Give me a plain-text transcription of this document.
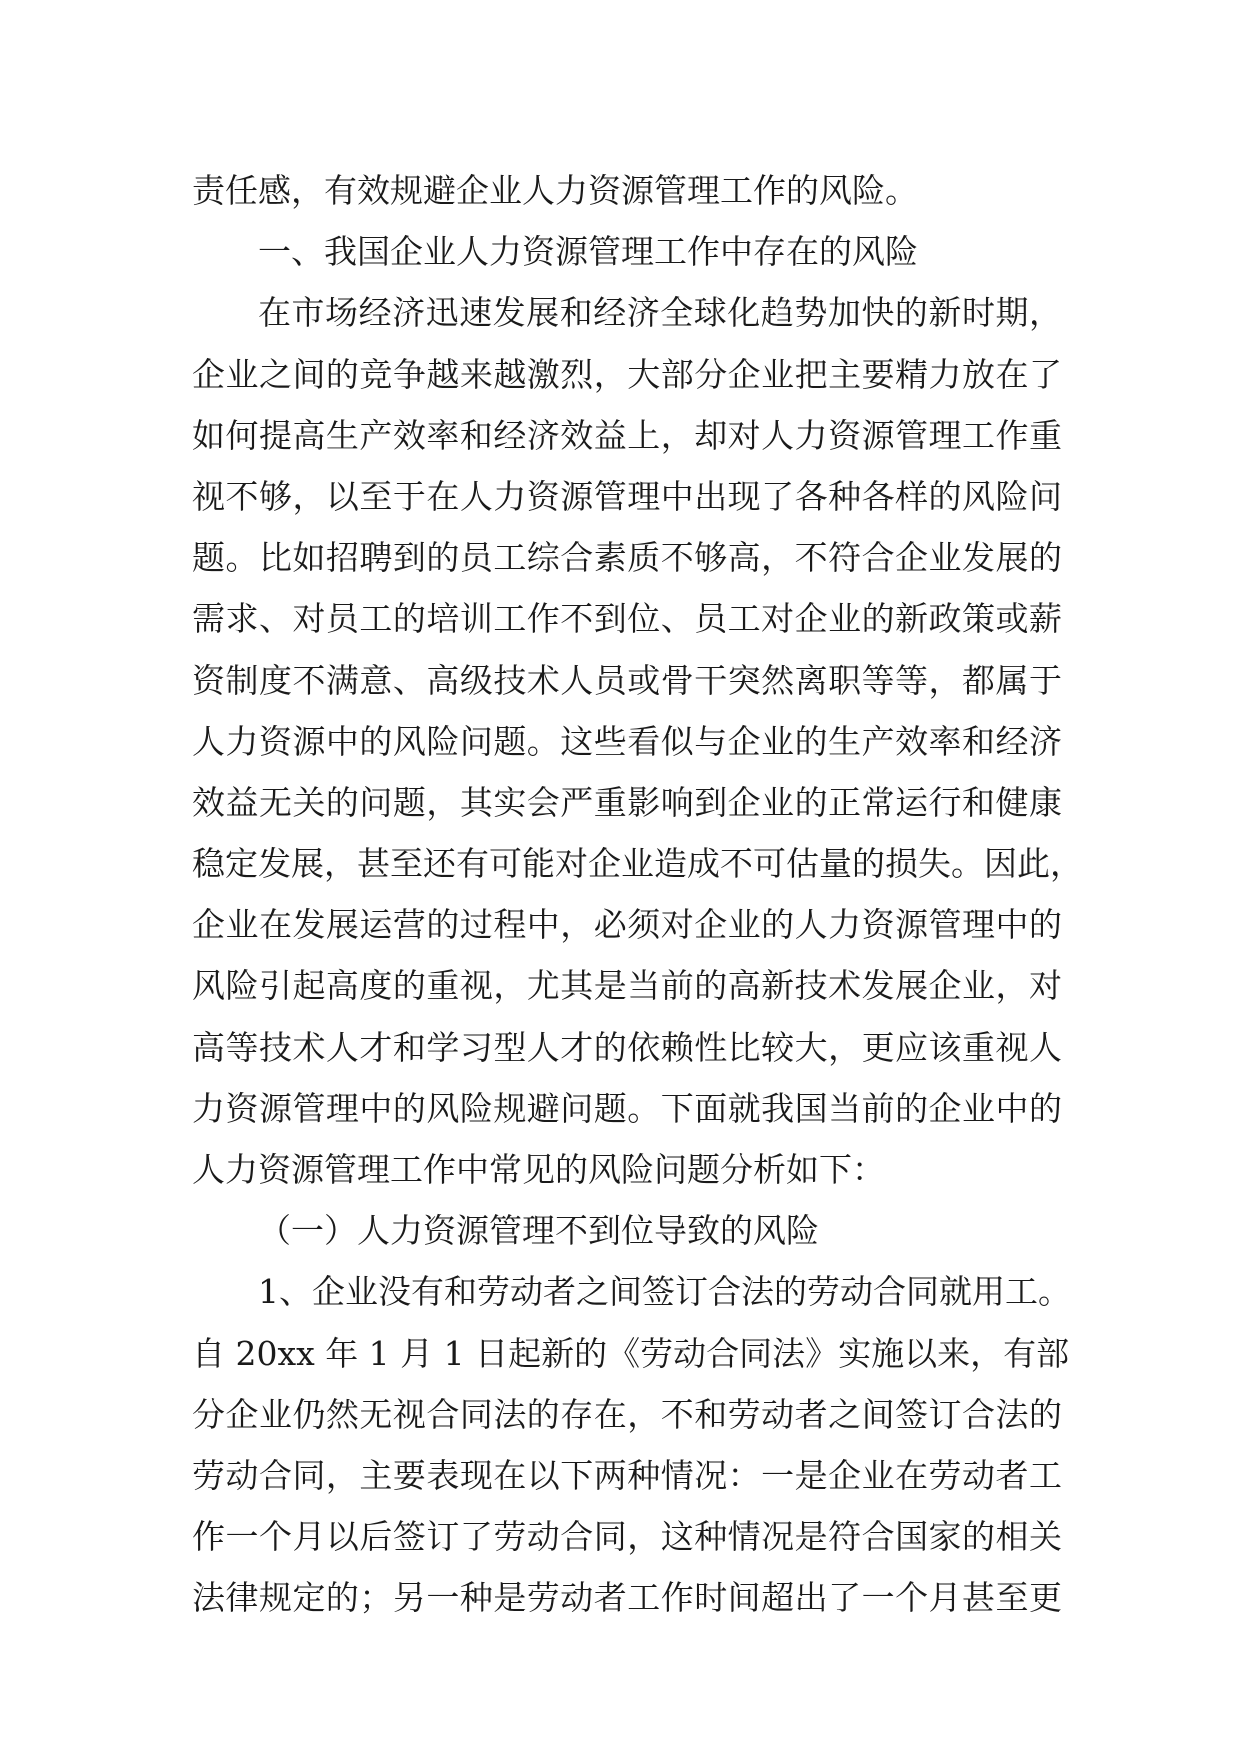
责任感，有效规避企业人力资源管理工作的风险。
一、我国企业人力资源管理工作中存在的风险
在市场经济迅速发展和经济全球化趋势加快的新时期，
企业之间的竞争越来越激烈，大部分企业把主要精力放在了
如何提高生产效率和经济效益上，却对人力资源管理工作重
视不够，以至于在人力资源管理中出现了各种各样的风险问
题。比如招聘到的员工综合素质不够高，不符合企业发展的
需求、对员工的培训工作不到位、员工对企业的新政策或薪
资制度不满意、高级技术人员或骨干突然离职等等，都属于
人力资源中的风险问题。这些看似与企业的生产效率和经济
效益无关的问题，其实会严重影响到企业的正常运行和健康
稳定发展，甚至还有可能对企业造成不可估量的损失。因此，
企业在发展运营的过程中，必须对企业的人力资源管理中的
风险引起高度的重视，尤其是当前的高新技术发展企业，对
高等技术人才和学习型人才的依赖性比较大，更应该重视人
力资源管理中的风险规避问题。下面就我国当前的企业中的
人力资源管理工作中常见的风险问题分析如下：
（一）人力资源管理不到位导致的风险
1、企业没有和劳动者之间签订合法的劳动合同就用工。
自 20xx 年 1 月 1 日起新的《劳动合同法》实施以来，有部
分企业仍然无视合同法的存在，不和劳动者之间签订合法的
劳动合同，主要表现在以下两种情况：一是企业在劳动者工
作一个月以后签订了劳动合同，这种情况是符合国家的相关
法律规定的；另一种是劳动者工作时间超出了一个月甚至更
